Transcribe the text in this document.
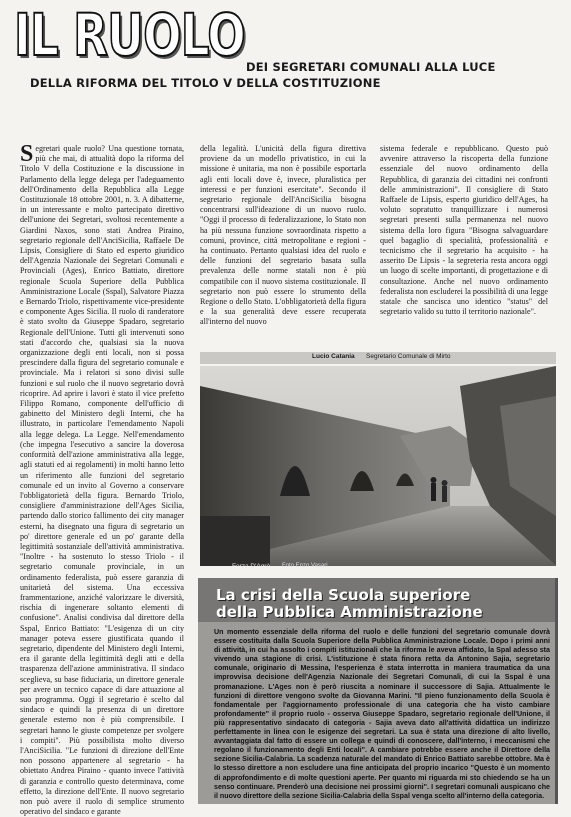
IL RUOLO DEI SEGRETARI COMUNALI ALLA LUCE
DELLA RIFORMA DEL TITOLO V DELLA COSTITUZIONE
Segretari quale ruolo? Una questione tornata, più che mai, di attualità dopo la riforma del Titolo V della Costituzione e la discussione in Parlamento della legge delega per l'adeguamento dell'Ordinamento della Repubblica alla Legge Costituzionale 18 ottobre 2001, n. 3. A dibatterne, in un interessante e molto partecipato direttivo dell'unione dei Segretari, svoltosi recentemente a Giardini Naxos, sono stati Andrea Piraino, segretario regionale dell'AnciSicilia, Raffaele De Lipsis, Consigliere di Stato ed esperto giuridico dell'Agenzia Nazionale dei Segretari Comunali e Provinciali (Ages), Enrico Battiato, direttore regionale Scuola Superiore della Pubblica Amministrazione Locale (Sspal), Salvatore Piazza e Bernardo Triolo, rispettivamente vice-presidente e componente Ages Sicilia. Il ruolo di randeratore è stato svolto da Giuseppe Spadaro, segretario Regionale dell'Unione. Tutti gli intervenuti sono stati d'accordo che, qualsiasi sia la nuova organizzazione degli enti locali, non si possa prescindere dalla figura del segretario comunale e provinciale. Ma i relatori si sono divisi sulle funzioni e sul ruolo che il nuovo segretario dovrà ricoprire. Ad aprire i lavori è stato il vice prefetto Filippo Romano, componente dell'ufficio di gabinetto del Ministero degli Interni, che ha illustrato, in particolare l'emendamento Napoli alla legge delega. La Legge. Nell'emendamento (che impegna l'esecutivo a sancire la doverosa conformità dell'azione amministrativa alla legge, agli statuti ed ai regolamenti) in molti hanno letto un riferimento alle funzioni del segretario comunale ed un invito al Governo a conservare l'obbligatorietà della figura. Bernardo Triolo, consigliere d'amministrazione dell'Ages Sicilia, partendo dallo storico fallimento dei city manager esterni, ha disegnato una figura di segretario un po' direttore generale ed un po' garante della legittimità sostanziale dell'attività amministrativa. "Inoltre - ha sostenuto lo stesso Triolo - il segretario comunale provinciale, in un ordinamento federalista, può essere garanzia di unitarietà del sistema. Una eccessiva frammentazione, anziché valorizzare le diversità, rischia di ingenerare soltanto elementi di confusione". Analisi condivisa dal direttore della Sspal, Enrico Battiato: "L'esigenza di un city manager poteva essere giustificata quando il segretario, dipendente del Ministero degli Interni, era il garante della legittimità degli atti e della trasparenza dell'azione amministrativa. Il sindaco sceglieva, su base fiduciaria, un direttore generale per avere un tecnico capace di dare attuazione al suo programma. Oggi il segretario è scelto dal sindaco e quindi la presenza di un direttore generale esterno non è più comprensibile. I segretari hanno le giuste competenze per svolgere i compiti". Più possibilista molto diverso l'AnciSicilia. "Le funzioni di direzione dell'Ente non possono appartenere al segretario - ha obiettato Andrea Piraino - quanto invece l'attività di garanzia e controllo questo determinava, come effetto, la direzione dell'Ente. Il nuovo segretario non può avere il ruolo di semplice strumento operativo del sindaco e garante
della legalità. L'unicità della figura direttiva proviene da un modello privatistico, in cui la missione è unitaria, ma non è possibile esportarla agli enti locali dove è, invece, pluralistica per interessi e per funzioni esercitate". Secondo il segretario regionale dell'AnciSicilia bisogna concentrarsi sull'ideazione di un nuovo ruolo. "Oggi il processo di federalizzazione, lo Stato non ha più nessuna funzione sovraordinata rispetto a comuni, province, città metropolitane e regioni - ha continuato. Pertanto qualsiasi idea del ruolo e delle funzioni del segretario basata sulla prevalenza delle norme statali non è più compatibile con il nuovo sistema costituzionale. Il segretario non può essere lo strumento della Regione o dello Stato. L'obbligatorietà della figura e la sua generalità deve essere recuperata all'interno del nuovo
sistema federale e repubblicano. Questo può avvenire attraverso la riscoperta della funzione essenziale del nuovo ordinamento della Repubblica, di garanzia dei cittadini nei confronti delle amministrazioni". Il consigliere di Stato Raffaele de Lipsis, esperto giuridico dell'Ages, ha voluto sopratutto tranquillizzare i numerosi segretari presenti sulla permanenza nel nuovo sistema della loro figura "Bisogna salvaguardare quel bagaglio di specialità, professionalità e tecnicismo che il segretario ha acquisito - ha asserito De Lipsis - la segreteria resta ancora oggi un luogo di scelte importanti, di progettazione e di consultazione. Anche nel nuovo ordinamento federalista non escluderei la possibilità di una legge statale che sancisca uno identico "status" del segretario valido su tutto il territorio nazionale".
Lucio Catania Segretario Comunale di Mirto
Forza D'Agrò Foto Enzo Vasari
La crisi della Scuola superiore
della Pubblica Amministrazione
Un momento essenziale della riforma del ruolo e delle funzioni del segretario comunale dovrà essere costituita dalla Scuola Superiore della Pubblica Amministrazione Locale. Dopo i primi anni di attività, in cui ha assolto i compiti istituzionali che la riforma le aveva affidato, la Spal adesso sta vivendo una stagione di crisi. L'istituzione è stata finora retta da Antonino Sajia, segretario comunale, originario di Messina, l'esperienza è stata interrotta in maniera traumatica da una improvvisa decisione dell'Agenzia Nazionale dei Segretari Comunali, di cui la Sspal è una promanazione. L'Ages non è però riuscita a nominare il successore di Sajia. Attualmente le funzioni di direttore vengono svolte da Giovanna Marini. "Il pieno funzionamento della Scuola è fondamentale per l'aggiornamento professionale di una categoria che ha visto cambiare profondamente" il proprio ruolo - osserva Giuseppe Spadaro, segretario regionale dell'Unione, il più rappresentativo sindacato di categoria - Sajia aveva dato all'attività didattica un indirizzo perfettamente in linea con le esigenze dei segretari. La sua è stata una direzione di alto livello, avvantaggiata dal fatto di essere un collega e quindi di conoscere, dall'interno, i meccanismi che regolano il funzionamento degli Enti locali". A cambiare potrebbe essere anche il Direttore della sezione Sicilia-Calabria. La scadenza naturale del mandato di Enrico Battiato sarebbe ottobre. Ma è lo stesso direttore a non escludere una fine anticipata del proprio incarico "Questo è un momento di approfondimento e di molte questioni aperte. Per quanto mi riguarda mi sto chiedendo se ha un senso continuare. Prenderò una decisione nei prossimi giorni". I segretari comunali auspicano che il nuovo direttore della sezione Sicilia-Calabria della Sspal venga scelto all'interno della categoria.
